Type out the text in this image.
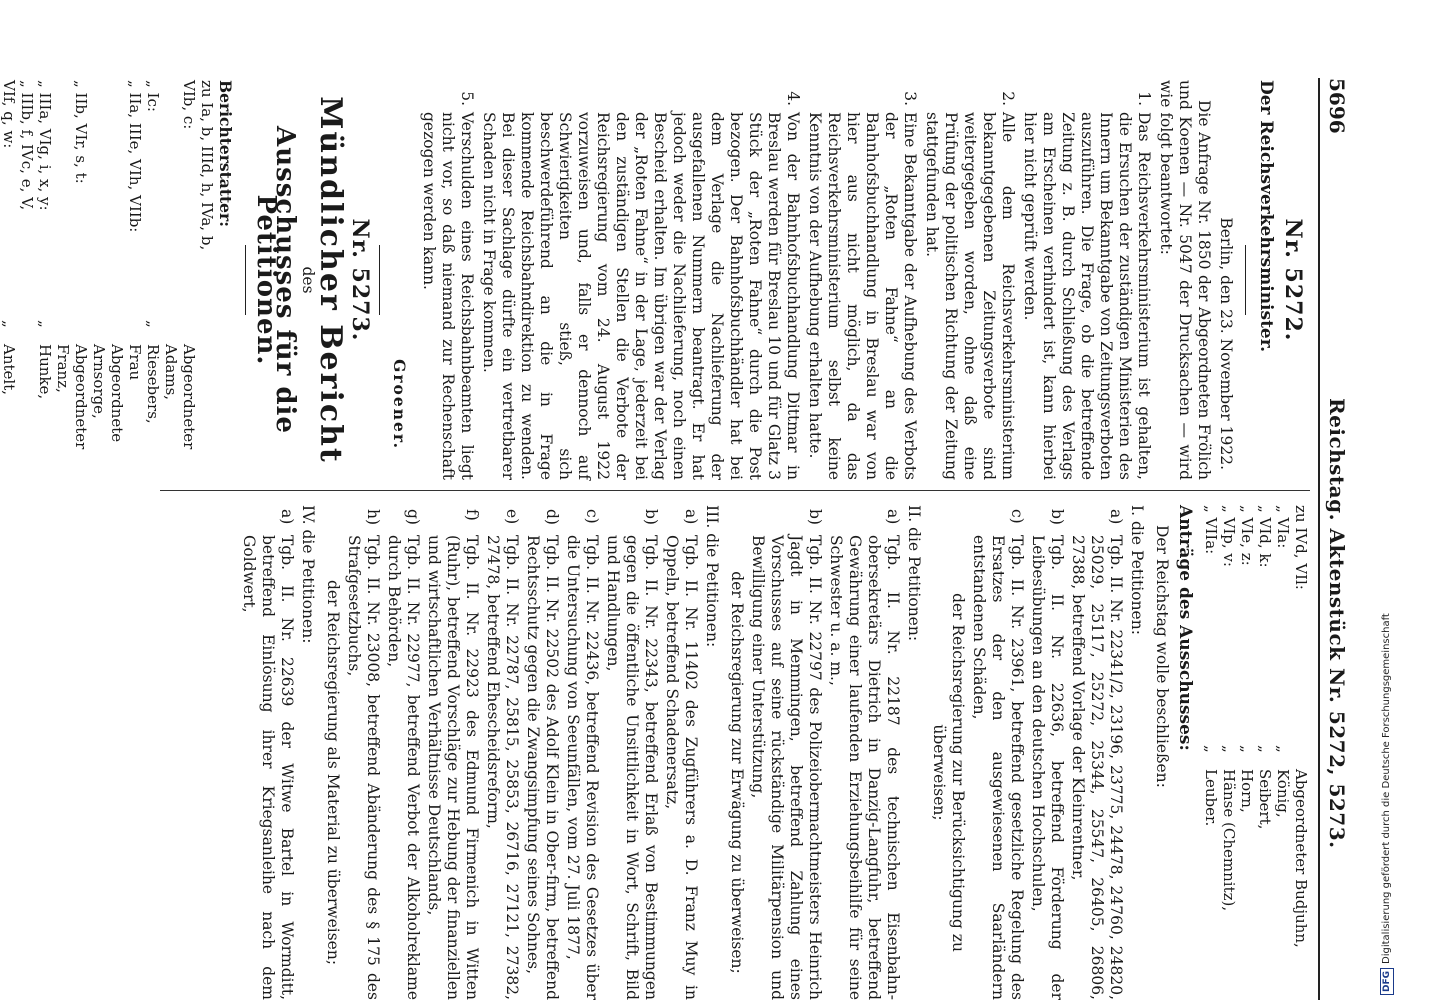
5696
Reichstag. Aktenstück Nr. 5272, 5273.
Nr. 5272.
Der Reichsverkehrsminister.

Berlin, den 23. November 1922.

Die Anfrage Nr. 1850 der Abgeordneten Frölich und Koenen — Nr. 5047 der Drucksachen — wird wie folgt beantwortet:

1.
Das Reichsverkehrsministerium ist gehalten, die Ersuchen der zuständigen Ministerien des Innern um Bekanntgabe von Zeitungsverboten auszuführen. Die Frage, ob die betreffende Zeitung z. B. durch Schließung des Verlags am Erscheinen verhindert ist, kann hierbei hier nicht geprüft werden.
2.
Alle dem Reichsverkehrsministerium bekanntgegebenen Zeitungsverbote sind weitergegeben worden, ohne daß eine Prüfung der politischen Richtung der Zeitung stattgefunden hat.
3.
Eine Bekanntgabe der Aufhebung des Verbots der „Roten Fahne“ an die Bahnhofsbuchhandlung in Breslau war von hier aus nicht möglich, da das Reichsverkehrsministerium selbst keine Kenntnis von der Aufhebung erhalten hatte.
4.
Von der Bahnhofsbuchhandlung Dittmar in Breslau werden für Breslau 10 und für Glatz 3 Stück der „Roten Fahne“ durch die Post bezogen. Der Bahnhofsbuchhändler hat bei dem Verlage die Nachlieferung der ausgefallenen Nummern beantragt. Er hat jedoch weder die Nachlieferung, noch einen Bescheid erhalten. Im übrigen war der Verlag der „Roten Fahne“ in der Lage, jederzeit bei den zuständigen Stellen die Verbote der Reichsregierung vom 24. August 1922 vorzuweisen und, falls er dennoch auf Schwierigkeiten stieß, sich beschwerdeführend an die in Frage kommende Reichsbahndirektion zu wenden. Bei dieser Sachlage dürfte ein vertretbarer Schaden nicht in Frage kommen.
5.
Verschulden eines Reichsbahnbeamten liegt nicht vor, so daß niemand zur Rechenschaft gezogen werden kann.
Groener.
Nr. 5273.
Mündlicher Bericht
des
Ausschusses für die Petitionen.
Berichterstatter:
zu Ia, b, IIId, h, IVa, b,
VIb, c:
Abgeordneter Adams,
„ Ic:
„
Riesebers,
„ IIa, IIIe, VIh, VIIb:
Frau Abgeordnete Arnsorge,
„ IIb, VIr, s, t:
Abgeordneter Franz,
„ IIIa, VIg, i, x, y:
„
Hunke,
„ IIIb, f, IVc, e, V,
VIf, q, w:
„
Antelt,
zu IVd, VIl:
Abgeordneter Budjuhn,
„ VIa:
„
König,
„ VId, k:
„
Seibert,
„ VIe, z:
„
Horn,
„ VIp, v:
„
Hänse (Chemnitz),
„ VIIa:
„
Leuber.
Anträge des Ausschusses:

Der Reichstag wolle beschließen:

I. die Petitionen:
a)
Tgb. II. Nr. 22341/2, 23196, 23775, 24478, 24760, 24820, 25029, 25117, 25272, 25344, 25547, 26405, 26806, 27388, betreffend Vorlage der Kleinrentner,
b)
Tgb. II. Nr. 22636, betreffend Förderung der Leibesübungen an den deutschen Hochschulen,
c)
Tgb. II. Nr. 23961, betreffend gesetzliche Regelung des Ersatzes der den ausgewiesenen Saarländern entstandenen Schäden,
der Reichsregierung zur Berücksichtigung zu überweisen;
II. die Petitionen:
a)
Tgb. II. Nr. 22187 des technischen Eisenbahn-obersekretärs Dietrich in Danzig-Langfuhr, betreffend Gewährung einer laufenden Erziehungsbeihilfe für seine Schwester u. a. m.,
b)
Tgb. II. Nr. 22797 des Polizeiobermachtmeisters Heinrich Jagdt in Memmingen, betreffend Zahlung eines Vorschusses auf seine rückständige Militärpension und Bewilligung einer Unterstützung,
der Reichsregierung zur Erwägung zu überweisen;
III. die Petitionen:
a)
Tgb. II. Nr. 11402 des Zugführers a. D. Franz Muy in Oppeln, betreffend Schadenersatz,
b)
Tgb. II. Nr. 22343, betreffend Erlaß von Bestimmungen gegen die öffentliche Unsittlichkeit in Wort, Schrift, Bild und Handlungen,
c)
Tgb. II. Nr. 22436, betreffend Revision des Gesetzes über die Untersuchung von Seeunfällen, vom 27. Juli 1877,
d)
Tgb. II. Nr. 22502 des Adolf Klein in Ober-firm, betreffend Rechtsschutz gegen die Zwangsimpfung seines Sohnes,
e)
Tgb. II. Nr. 22787, 25815, 25853, 26716, 27121, 27382, 27478, betreffend Ehescheidsreform,
f)
Tgb. II. Nr. 22923 des Edmund Firmenich in Witten (Ruhr), betreffend Vorschläge zur Hebung der finanziellen und wirtschaftlichen Verhältnisse Deutschlands,
g)
Tgb. II. Nr. 22977, betreffend Verbot der Alkoholreklame durch Behörden,
h)
Tgb. II. Nr. 23008, betreffend Abänderung des § 175 des Strafgesetzbuchs,
der Reichsregierung als Material zu überweisen;
IV. die Petitionen:
a)
Tgb. II. Nr. 22639 der Witwe Bartel in Wormditt, betreffend Einlösung ihrer Kriegsanleihe nach dem Goldwert,
DFGDigitalisierung gefördert durch die Deutsche Forschungsgemeinschaft
